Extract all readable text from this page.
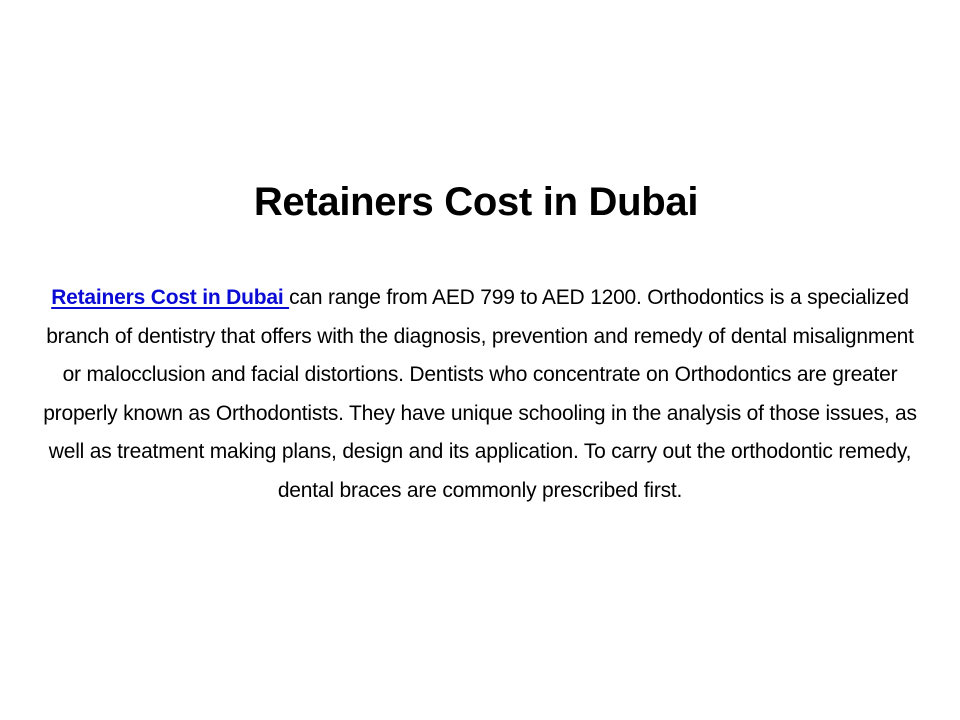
Retainers Cost in Dubai

Retainers Cost in Dubai can range from AED 799 to AED 1200. Orthodontics is a specialized branch of dentistry that offers with the diagnosis, prevention and remedy of dental misalignment or malocclusion and facial distortions. Dentists who concentrate on Orthodontics are greater properly known as Orthodontists. They have unique schooling in the analysis of those issues, as well as treatment making plans, design and its application. To carry out the orthodontic remedy, dental braces are commonly prescribed first.
